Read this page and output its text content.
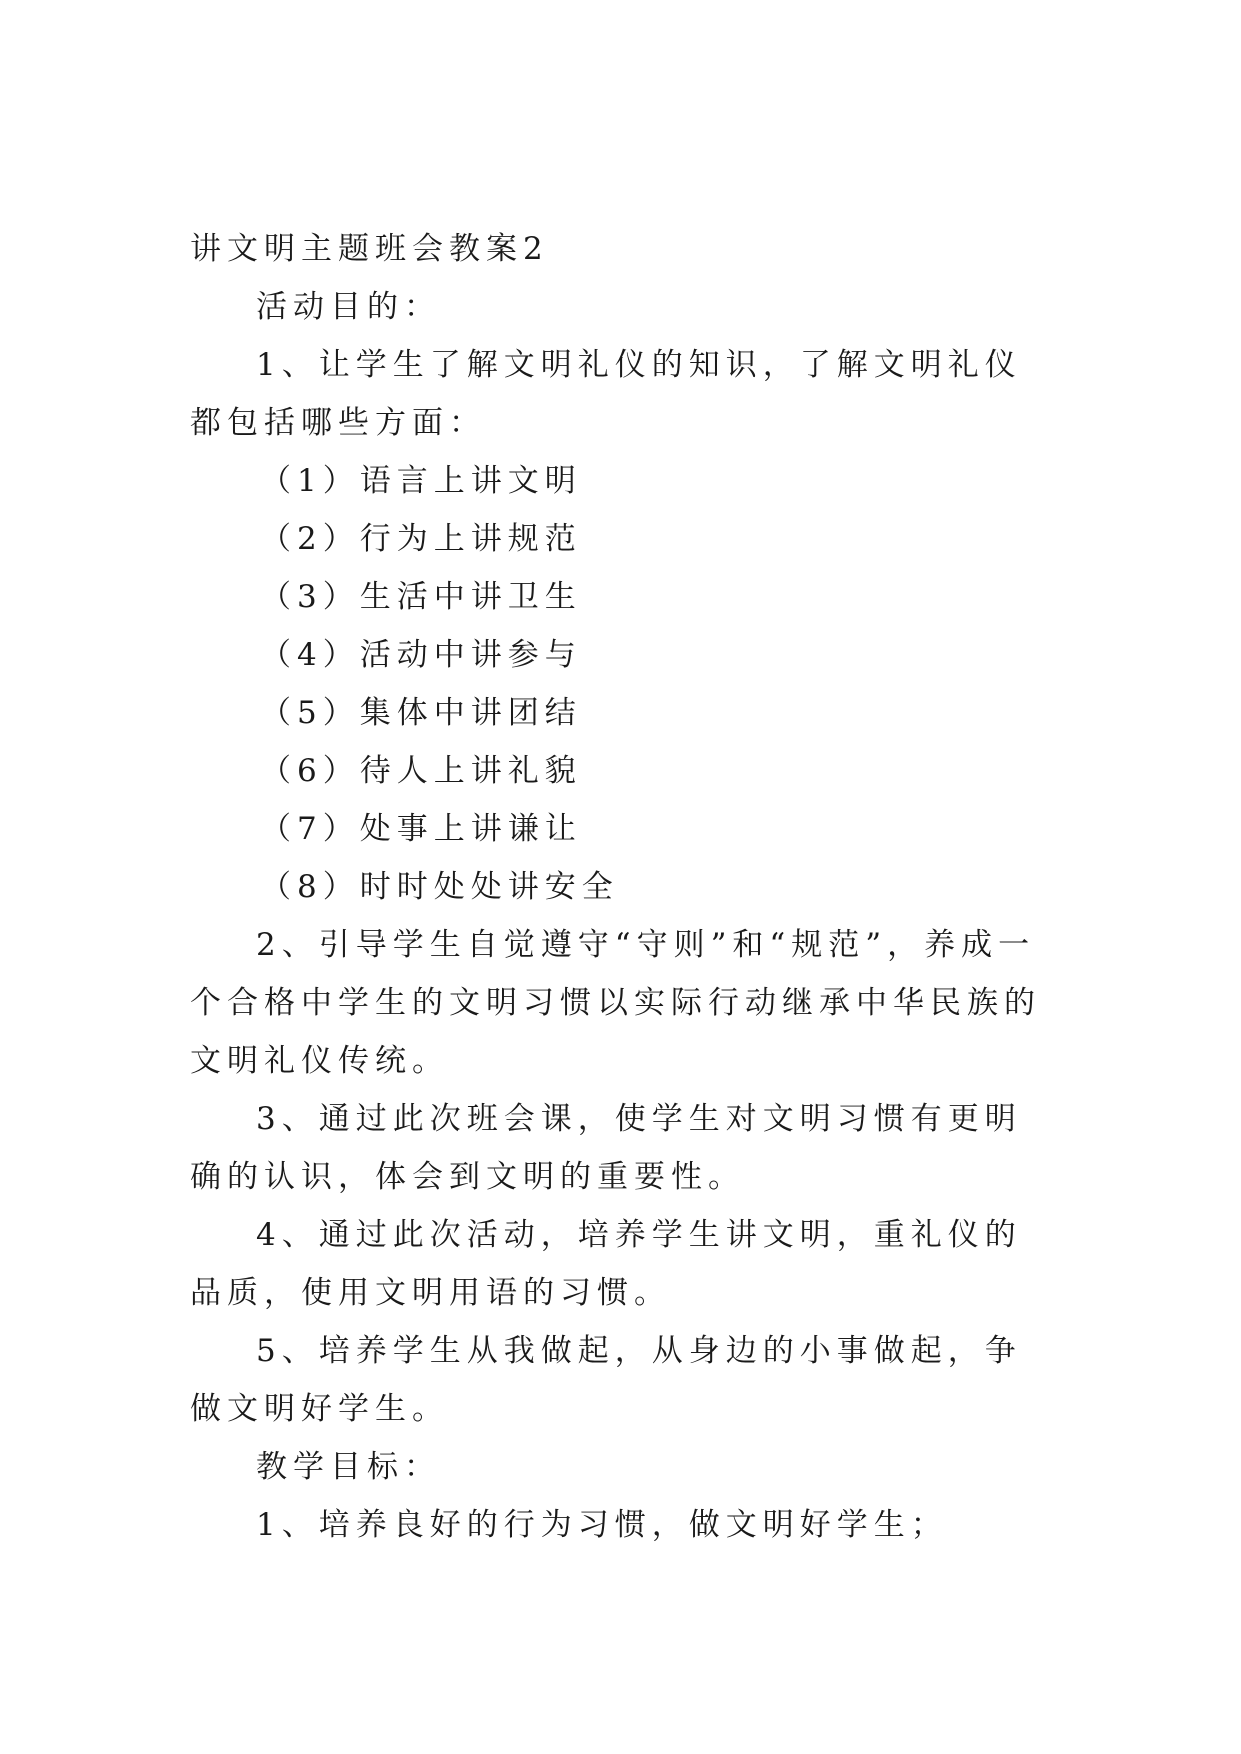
讲文明主题班会教案2

活动目的：

1、让学生了解文明礼仪的知识，了解文明礼仪都包括哪些方面：

（1）语言上讲文明

（2）行为上讲规范

（3）生活中讲卫生

（4）活动中讲参与

（5）集体中讲团结

（6）待人上讲礼貌

（7）处事上讲谦让

（8）时时处处讲安全

2、引导学生自觉遵守“守则”和“规范”，养成一个合格中学生的文明习惯以实际行动继承中华民族的文明礼仪传统。

3、通过此次班会课，使学生对文明习惯有更明确的认识，体会到文明的重要性。

4、通过此次活动，培养学生讲文明，重礼仪的品质，使用文明用语的习惯。

5、培养学生从我做起，从身边的小事做起，争做文明好学生。

教学目标：

1、培养良好的行为习惯，做文明好学生；
